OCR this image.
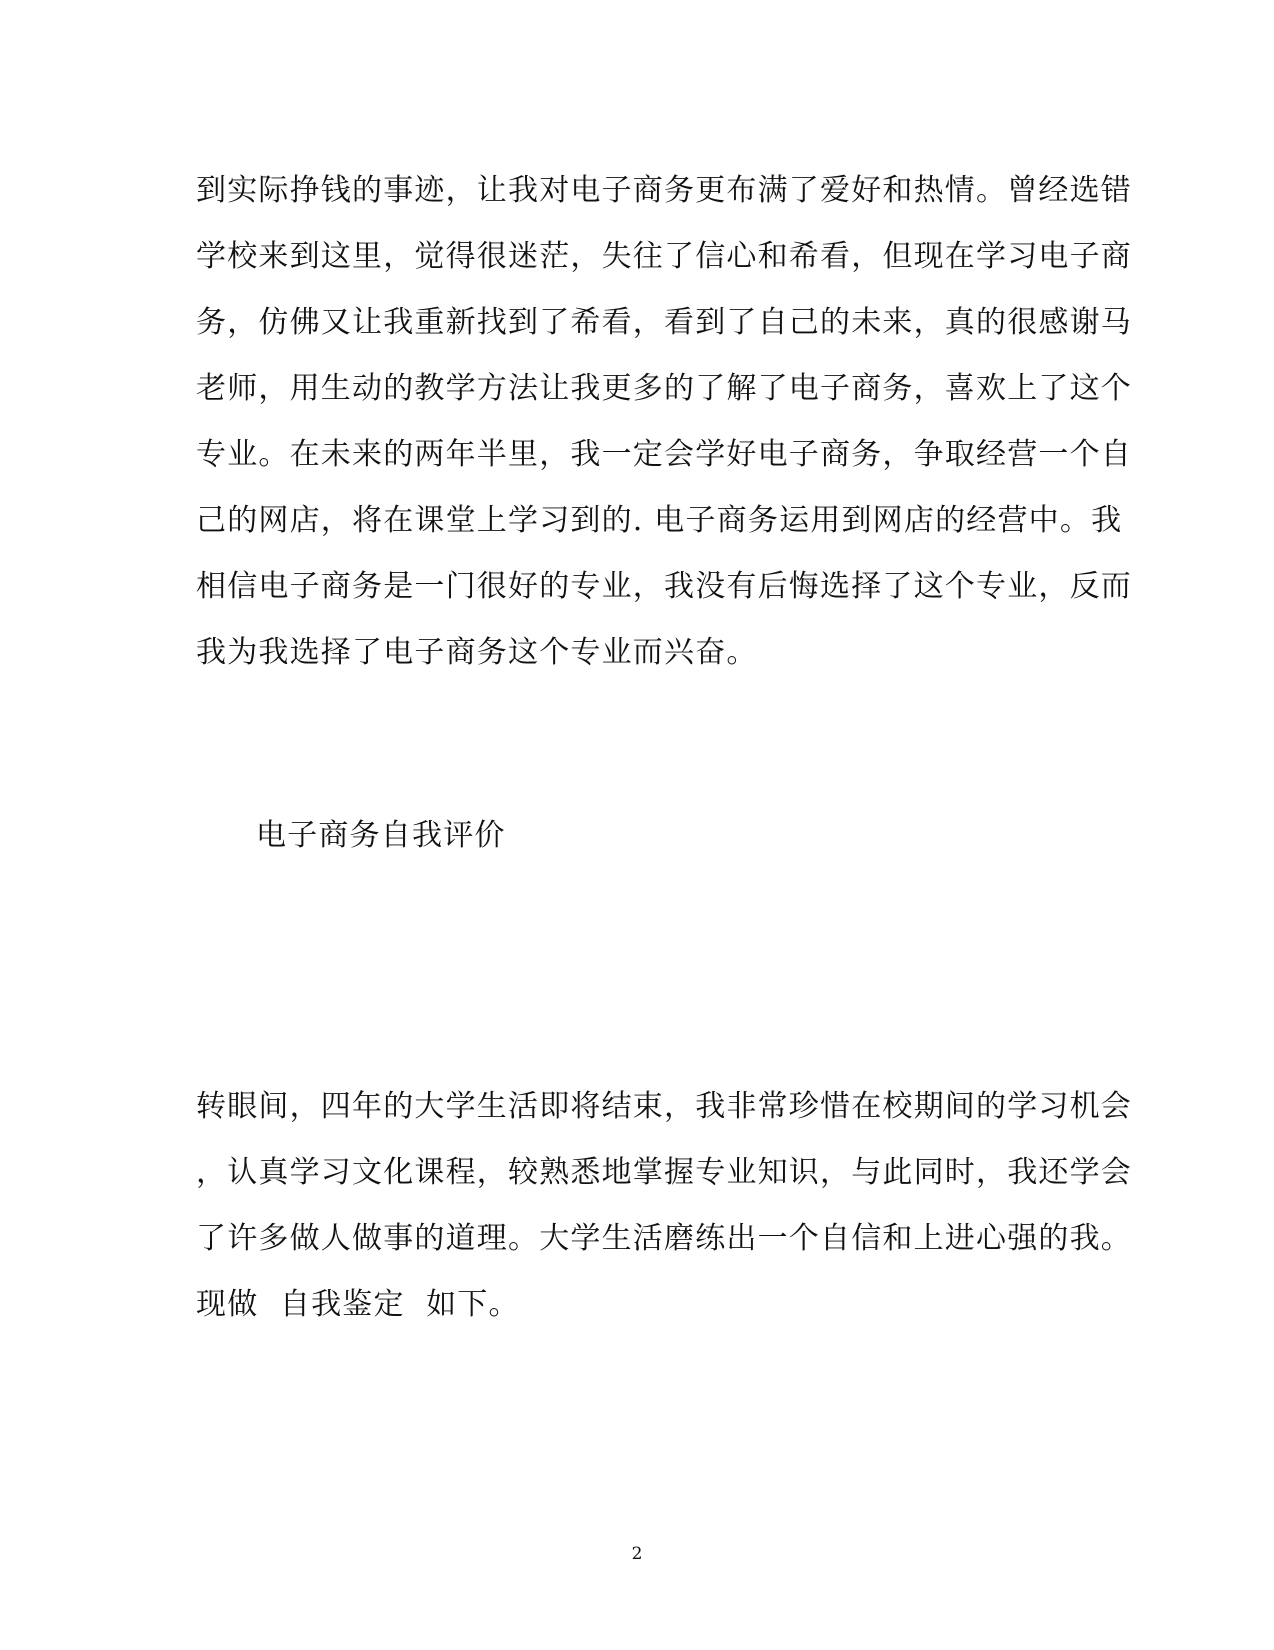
到实际挣钱的事迹，让我对电子商务更布满了爱好和热情。曾经选错
学校来到这里，觉得很迷茫，失往了信心和希看，但现在学习电子商
务，仿佛又让我重新找到了希看，看到了自己的未来，真的很感谢马
老师，用生动的教学方法让我更多的了解了电子商务，喜欢上了这个
专业。在未来的两年半里，我一定会学好电子商务，争取经营一个自
己的网店，将在课堂上学习到的. 电子商务运用到网店的经营中。我
相信电子商务是一门很好的专业，我没有后悔选择了这个专业，反而
我为我选择了电子商务这个专业而兴奋。
电子商务自我评价
转眼间，四年的大学生活即将结束，我非常珍惜在校期间的学习机会
，认真学习文化课程，较熟悉地掌握专业知识，与此同时，我还学会
了许多做人做事的道理。大学生活磨练出一个自信和上进心强的我。
现做  自我鉴定  如下。
2
